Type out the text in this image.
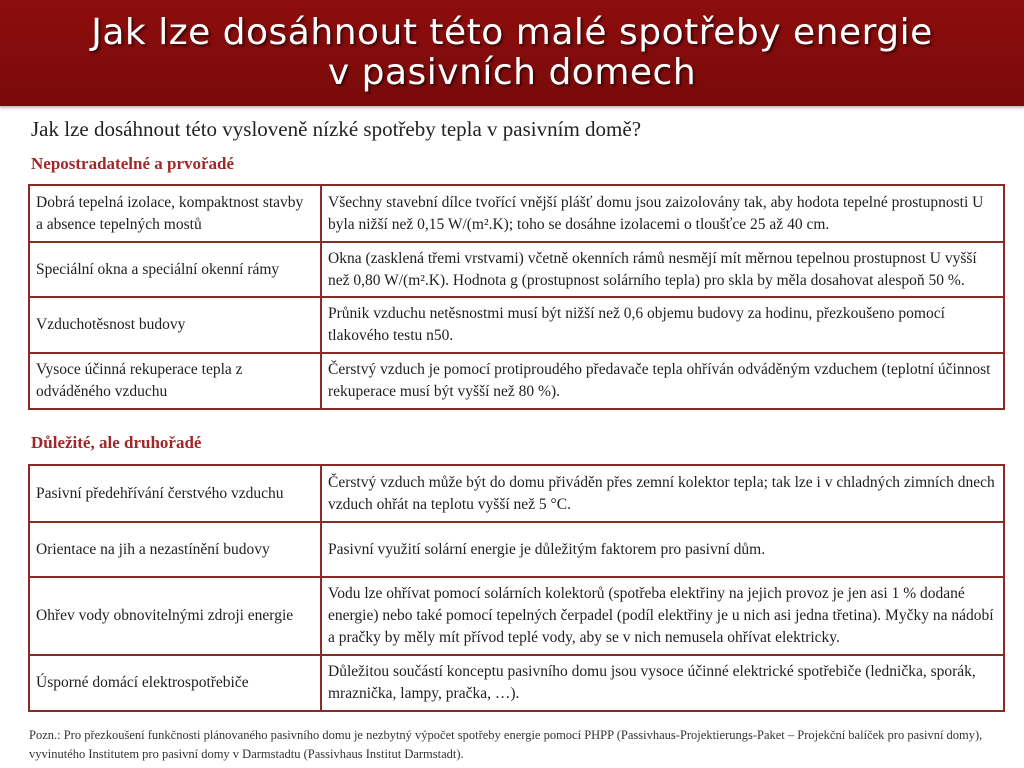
Jak lze dosáhnout této malé spotřeby energie
v pasivních domech
Jak lze dosáhnout této vysloveně nízké spotřeby tepla v pasivním domě?
Nepostradatelné a prvořadé
Dobrá tepelná izolace, kompaktnost stavby a absence tepelných mostů	Všechny stavební dílce tvořící vnější plášť domu jsou zaizolovány tak, aby hodota tepelné prostupnosti U byla nižší než 0,15 W/(m².K); toho se dosáhne izolacemi o tloušťce 25 až 40 cm.
Speciální okna a speciální okenní rámy	Okna (zasklená třemi vrstvami) včetně okenních rámů nesmějí mít měrnou tepelnou prostupnost U vyšší než 0,80 W/(m².K). Hodnota g (prostupnost solárního tepla) pro skla by měla dosahovat alespoň 50 %.
Vzduchotěsnost budovy	Průnik vzduchu netěsnostmi musí být nižší než 0,6 objemu budovy za hodinu, přezkoušeno pomocí tlakového testu n50.
Vysoce účinná rekuperace tepla z odváděného vzduchu	Čerstvý vzduch je pomocí protiproudého předavače tepla ohříván odváděným vzduchem (teplotní účinnost rekuperace musí být vyšší než 80 %).
Důležité, ale druhořadé
Pasivní předehřívání čerstvého vzduchu	Čerstvý vzduch může být do domu přiváděn přes zemní kolektor tepla; tak lze i v chladných zimních dnech vzduch ohřát na teplotu vyšší než 5 °C.
Orientace na jih a nezastínění budovy	Pasivní využití solární energie je důležitým faktorem pro pasivní dům.
Ohřev vody obnovitelnými zdroji energie	Vodu lze ohřívat pomocí solárních kolektorů (spotřeba elektřiny na jejich provoz je jen asi 1 % dodané energie) nebo také pomocí tepelných čerpadel (podíl elektřiny je u nich asi jedna třetina). Myčky na nádobí a pračky by měly mít přívod teplé vody, aby se v nich nemusela ohřívat elektricky.
Úsporné domácí elektrospotřebiče	Důležitou součástí konceptu pasivního domu jsou vysoce účinné elektrické spotřebiče (lednička, sporák, mraznička, lampy, pračka, …).
Pozn.: Pro přezkoušení funkčnosti plánovaného pasivního domu je nezbytný výpočet spotřeby energie pomocí PHPP (Passivhaus-Projektierungs-Paket – Projekční balíček pro pasivní domy), vyvinutého Institutem pro pasivní domy v Darmstadtu (Passivhaus Institut Darmstadt).
